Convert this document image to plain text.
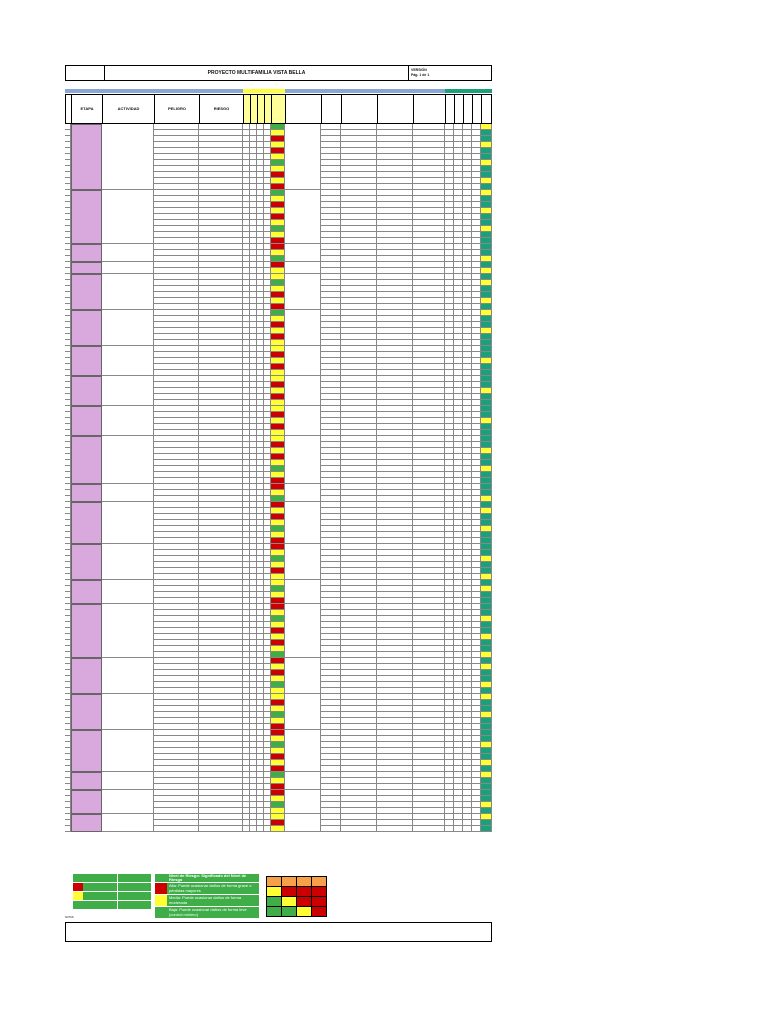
PROYECTO MULTIFAMILIA VISTA BELLA	VERSIÓN
Pág. 1 de 1
ETAPA	ACTIVIDAD	PELIGRO	RIESGO
Nivel de Riesgo: Significado del Nivel de Riesgo
Alta: Puede ocasionar daños de forma grave o pérdidas mayores
Media: Puede ocasionar daños de forma moderada
Baja: Puede ocasionar daños de forma leve (control mínimo)
NOTAS:
